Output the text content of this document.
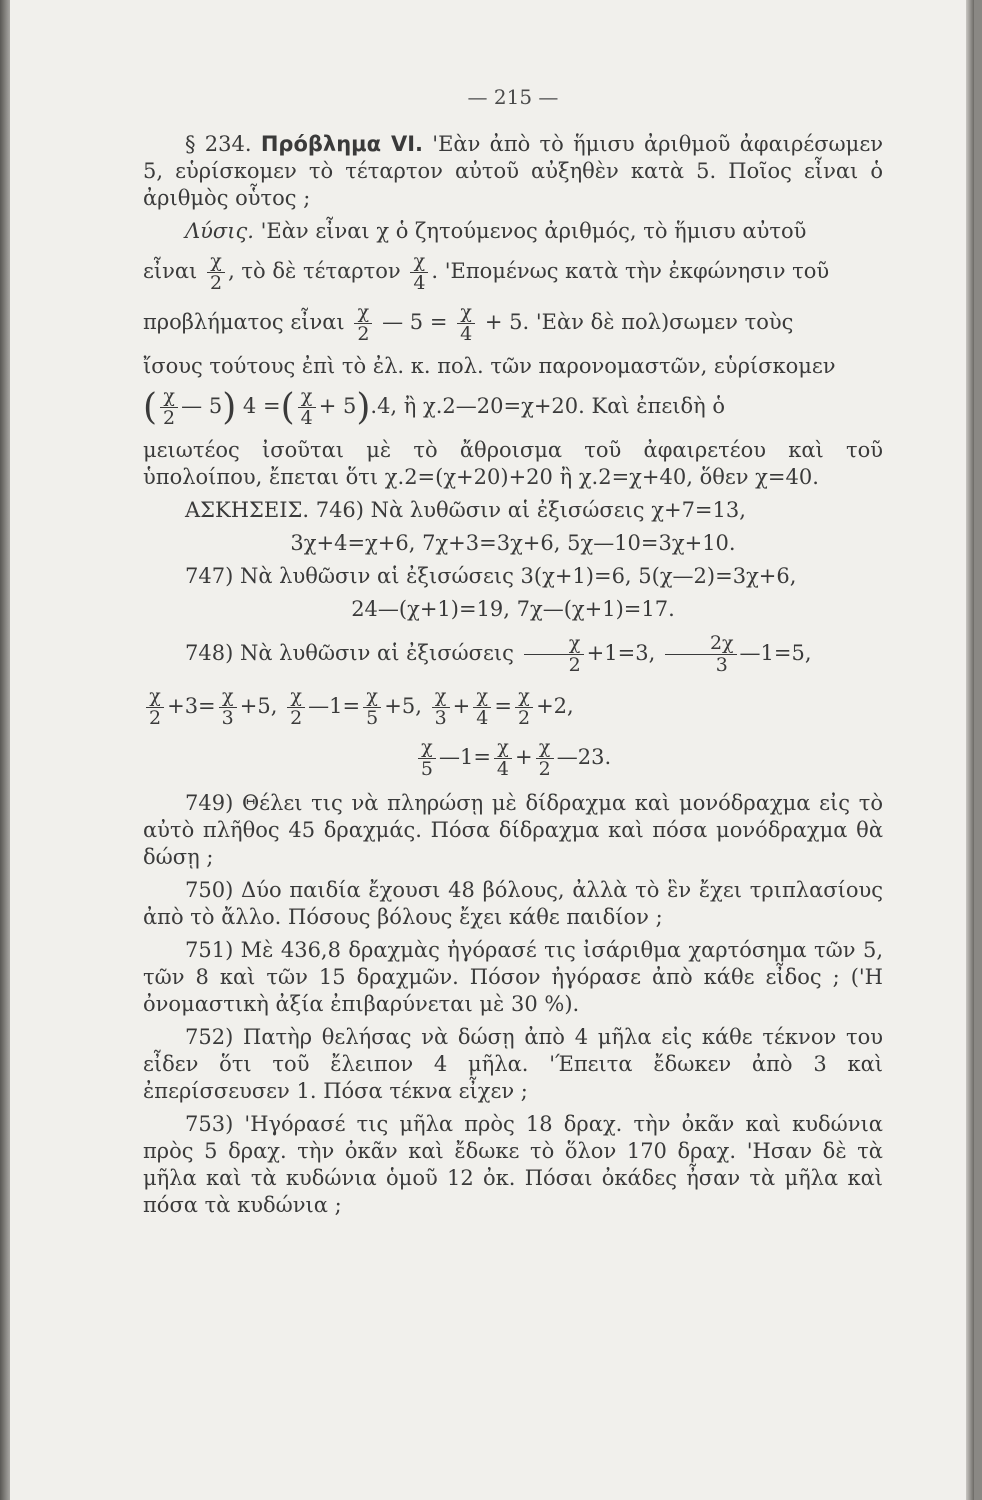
— 215 —

§ 234. Πρόβλημα VI. 'Εὰν ἀπὸ τὸ ἥμισυ ἀριθμοῦ ἀφαιρέσωμεν 5, εὑρίσκομεν τὸ τέταρτον αὐτοῦ αὐξηθὲν κατὰ 5. Ποῖος εἶναι ὁ ἀριθμὸς οὗτος ;

Λύσις. 'Εὰν εἶναι χ ὁ ζητούμενος ἀριθμός, τὸ ἥμισυ αὐτοῦ

εἶναι $\frac{\chi}{2}$ , τὸ δὲ τέταρτον $\frac{\chi}{4}$ . 'Επομένως κατὰ τὴν ἐκφώνησιν τοῦ

προβλήματος εἶναι $\frac{\chi}{2}$ — $5 = \frac{\chi}{4} + 5$. 'Εὰν δὲ πολ)σωμεν τοὺς

ἴσους τούτους ἐπὶ τὸ ἐλ. κ. πολ. τῶν παρονομαστῶν, εὑρίσκομεν

( $\frac{\chi}{2}$ — 5) 4 =( $\frac{\chi}{4} + 5).4$, ἢ χ.2—20=χ+20. Καὶ ἐπειδὴ ὁ

μειωτέος ἰσοῦται μὲ τὸ ἄθροισμα τοῦ ἀφαιρετέου καὶ τοῦ ὑπολοίπου, ἔπεται ὅτι χ.2=(χ+20)+20 ἢ χ.2=χ+40, ὅθεν χ=40.

ΑΣΚΗΣΕΙΣ. 746) Νὰ λυθῶσιν αἱ ἐξισώσεις χ+7=13,

3χ+4=χ+6, 7χ+3=3χ+6, 5χ—10=3χ+10.

747) Νὰ λυθῶσιν αἱ ἐξισώσεις 3(χ+1)=6, 5(χ—2)=3χ+6,

24—(χ+1)=19, 7χ—(χ+1)=17.

748) Νὰ λυθῶσιν αἱ ἐξισώσεις $\frac{\chi}{2} +1=3$, $\frac{2\chi}{3}$ —1=5,

$\frac{\chi}{2} +3= \frac{\chi}{3} +5$, $\frac{\chi}{2}$ —1= $\frac{\chi}{5} +5$, $\frac{\chi}{3} + \frac{\chi}{4} = \frac{\chi}{2} +2$,

$\frac{\chi}{5}$ —1= $\frac{\chi}{4} + \frac{\chi}{2}$ —23.

749) Θέλει τις νὰ πληρώσῃ μὲ δίδραχμα καὶ μονόδραχμα εἰς τὸ αὐτὸ πλῆθος 45 δραχμάς. Πόσα δίδραχμα καὶ πόσα μονόδραχμα θὰ δώσῃ ;

750) Δύο παιδία ἔχουσι 48 βόλους, ἀλλὰ τὸ ἓν ἔχει τριπλασίους ἀπὸ τὸ ἄλλο. Πόσους βόλους ἔχει κάθε παιδίον ;

751) Μὲ 436,8 δραχμὰς ἠγόρασέ τις ἰσάριθμα χαρτόσημα τῶν 5, τῶν 8 καὶ τῶν 15 δραχμῶν. Πόσον ἠγόρασε ἀπὸ κάθε εἶδος ; ('Η ὀνομαστικὴ ἀξία ἐπιβαρύνεται μὲ 30 %).

752) Πατὴρ θελήσας νὰ δώσῃ ἀπὸ 4 μῆλα εἰς κάθε τέκνον του εἶδεν ὅτι τοῦ ἔλειπον 4 μῆλα. 'Έπειτα ἔδωκεν ἀπὸ 3 καὶ ἐπερίσσευσεν 1. Πόσα τέκνα εἶχεν ;

753) 'Ηγόρασέ τις μῆλα πρὸς 18 δραχ. τὴν ὀκᾶν καὶ κυδώνια πρὸς 5 δραχ. τὴν ὀκᾶν καὶ ἔδωκε τὸ ὅλον 170 δραχ. 'Ησαν δὲ τὰ μῆλα καὶ τὰ κυδώνια ὁμοῦ 12 ὀκ. Πόσαι ὀκάδες ἦσαν τὰ μῆλα καὶ πόσα τὰ κυδώνια ;
